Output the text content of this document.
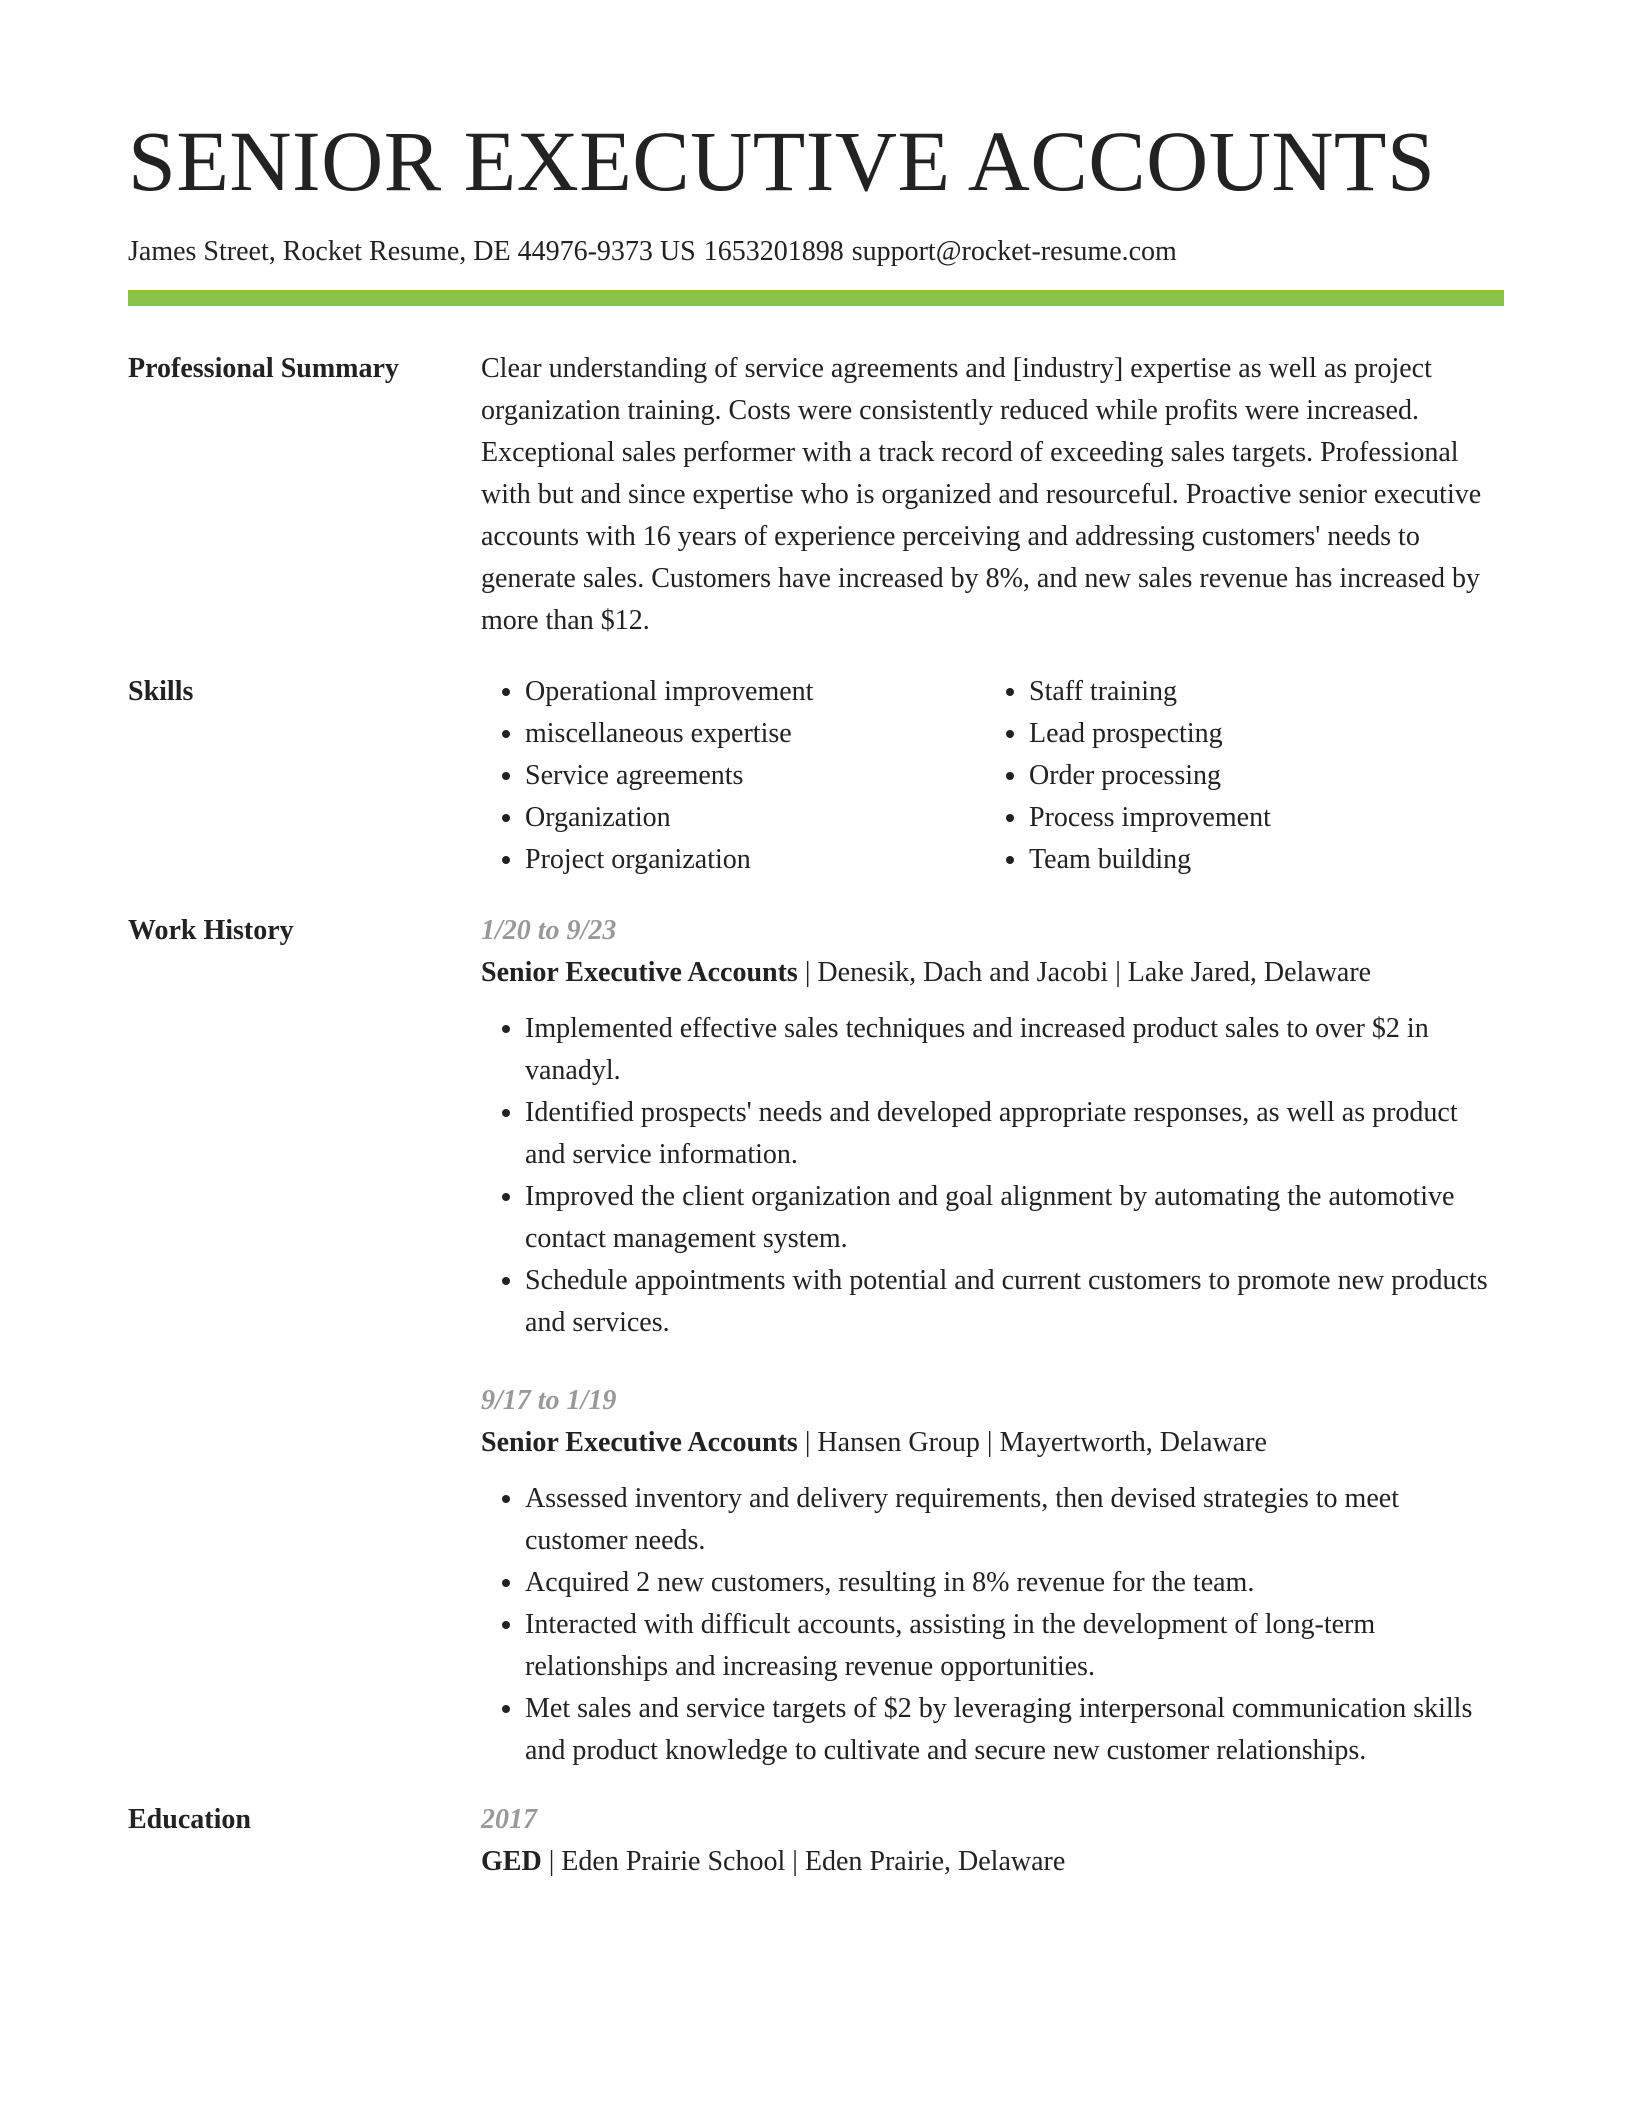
SENIOR EXECUTIVE ACCOUNTS
James Street, Rocket Resume, DE 44976-9373 US 1653201898 support@rocket-resume.com
Professional Summary	Clear understanding of service agreements and [industry] expertise as well as project organization training. Costs were consistently reduced while profits were increased. Exceptional sales performer with a track record of exceeding sales targets. Professional with but and since expertise who is organized and resourceful. Proactive senior executive accounts with 16 years of experience perceiving and addressing customers' needs to generate sales. Customers have increased by 8%, and new sales revenue has increased by more than $12.

Skills
•	Operational improvement
• miscellaneous expertise
• Service agreements
• Organization
• Project organization
• Staff training
• Lead prospecting
• Order processing
• Process improvement
• Team building
Work History	1/20 to 9/23
Senior Executive Accounts | Denesik, Dach and Jacobi | Lake Jared, Delaware
• Implemented effective sales techniques and increased product sales to over $2 in vanadyl.
• Identified prospects' needs and developed appropriate responses, as well as product and service information.
• Improved the client organization and goal alignment by automating the automotive contact management system.
• Schedule appointments with potential and current customers to promote new products and services.
9/17 to 1/19
Senior Executive Accounts | Hansen Group | Mayertworth, Delaware
• Assessed inventory and delivery requirements, then devised strategies to meet customer needs.
• Acquired 2 new customers, resulting in 8% revenue for the team.
• Interacted with difficult accounts, assisting in the development of long-term relationships and increasing revenue opportunities.
• Met sales and service targets of $2 by leveraging interpersonal communication skills and product knowledge to cultivate and secure new customer relationships.
Education	2017
GED | Eden Prairie School | Eden Prairie, Delaware
